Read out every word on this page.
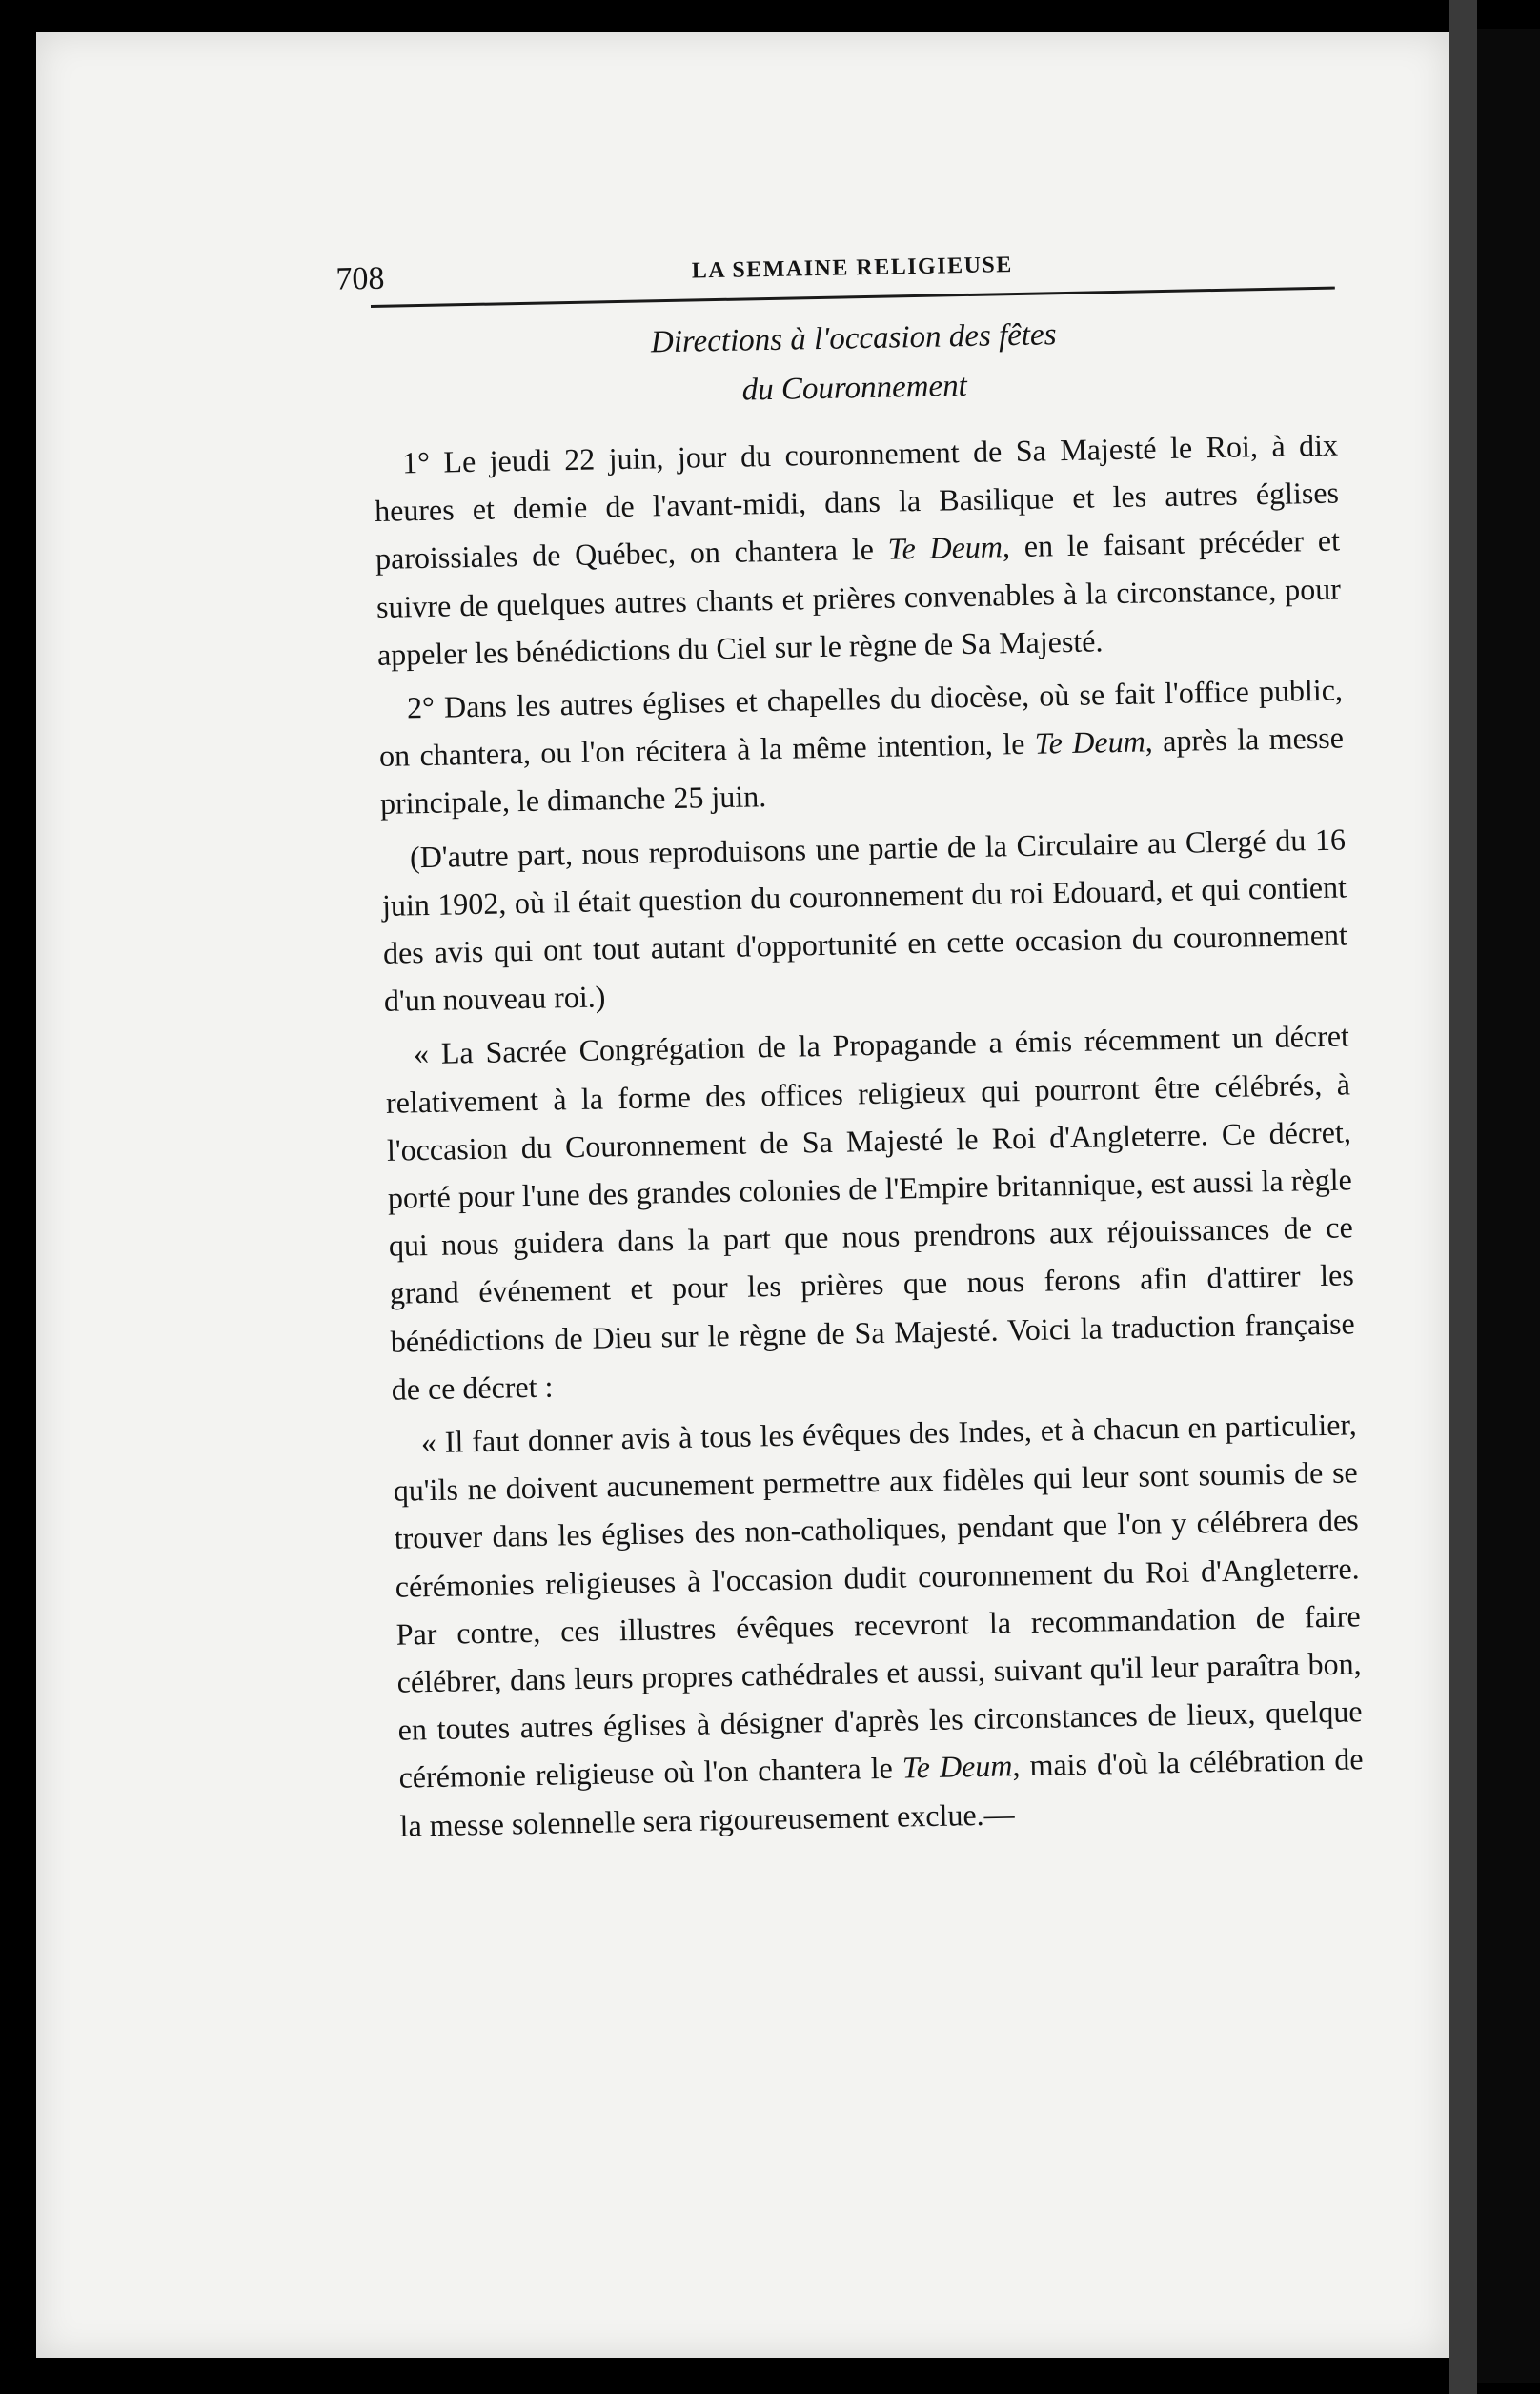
708	LA SEMAINE RELIGIEUSE
Directions à l'occasion des fêtes
du Couronnement

1° Le jeudi 22 juin, jour du couronnement de Sa Majesté le Roi, à dix heures et demie de l'avant-midi, dans la Basilique et les autres églises paroissiales de Québec, on chantera le Te Deum, en le faisant précéder et suivre de quelques autres chants et prières convenables à la circonstance, pour appeler les bénédictions du Ciel sur le règne de Sa Majesté.

2° Dans les autres églises et chapelles du diocèse, où se fait l'office public, on chantera, ou l'on récitera à la même intention, le Te Deum, après la messe principale, le dimanche 25 juin.

(D'autre part, nous reproduisons une partie de la Circulaire au Clergé du 16 juin 1902, où il était question du couronnement du roi Edouard, et qui contient des avis qui ont tout autant d'opportunité en cette occasion du couronnement d'un nouveau roi.)

« La Sacrée Congrégation de la Propagande a émis récemment un décret relativement à la forme des offices religieux qui pourront être célébrés, à l'occasion du Couronnement de Sa Majesté le Roi d'Angleterre. Ce décret, porté pour l'une des grandes colonies de l'Empire britannique, est aussi la règle qui nous guidera dans la part que nous prendrons aux réjouissances de ce grand événement et pour les prières que nous ferons afin d'attirer les bénédictions de Dieu sur le règne de Sa Majesté. Voici la traduction française de ce décret :

« Il faut donner avis à tous les évêques des Indes, et à chacun en particulier, qu'ils ne doivent aucunement permettre aux fidèles qui leur sont soumis de se trouver dans les églises des non-catholiques, pendant que l'on y célébrera des cérémonies religieuses à l'occasion dudit couronnement du Roi d'Angleterre. Par contre, ces illustres évêques recevront la recommandation de faire célébrer, dans leurs propres cathédrales et aussi, suivant qu'il leur paraîtra bon, en toutes autres églises à désigner d'après les circonstances de lieux, quelque cérémonie religieuse où l'on chantera le Te Deum, mais d'où la célébration de la messe solennelle sera rigoureusement exclue.—
